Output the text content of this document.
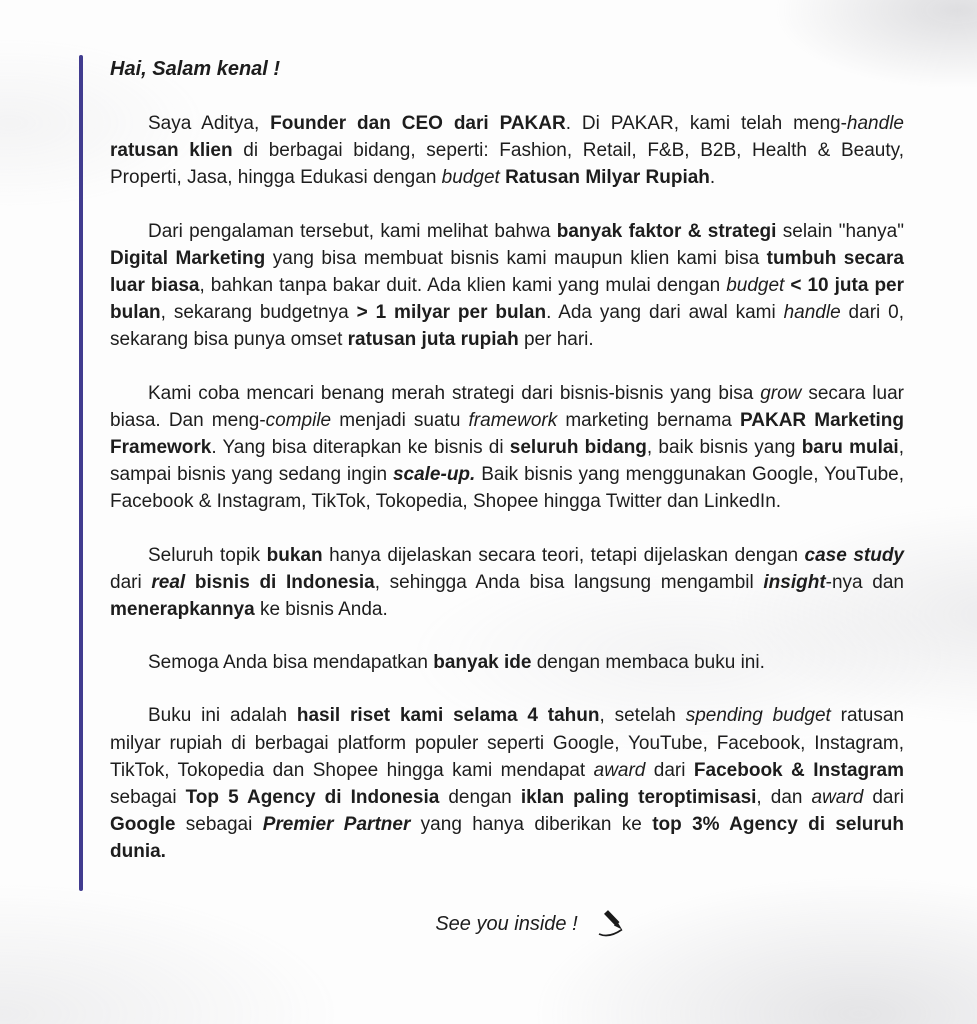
Hai, Salam kenal !

Saya Aditya, Founder dan CEO dari PAKAR. Di PAKAR, kami telah meng-handle ratusan klien di berbagai bidang, seperti: Fashion, Retail, F&B, B2B, Health & Beauty, Properti, Jasa, hingga Edukasi dengan budget Ratusan Milyar Rupiah.

Dari pengalaman tersebut, kami melihat bahwa banyak faktor & strategi selain "hanya" Digital Marketing yang bisa membuat bisnis kami maupun klien kami bisa tumbuh secara luar biasa, bahkan tanpa bakar duit. Ada klien kami yang mulai dengan budget < 10 juta per bulan, sekarang budgetnya > 1 milyar per bulan. Ada yang dari awal kami handle dari 0, sekarang bisa punya omset ratusan juta rupiah per hari.

Kami coba mencari benang merah strategi dari bisnis-bisnis yang bisa grow secara luar biasa. Dan meng-compile menjadi suatu framework marketing bernama PAKAR Marketing Framework. Yang bisa diterapkan ke bisnis di seluruh bidang, baik bisnis yang baru mulai, sampai bisnis yang sedang ingin scale-up. Baik bisnis yang menggunakan Google, YouTube, Facebook & Instagram, TikTok, Tokopedia, Shopee hingga Twitter dan LinkedIn.

Seluruh topik bukan hanya dijelaskan secara teori, tetapi dijelaskan dengan case study dari real bisnis di Indonesia, sehingga Anda bisa langsung mengambil insight-nya dan menerapkannya ke bisnis Anda.

Semoga Anda bisa mendapatkan banyak ide dengan membaca buku ini.

Buku ini adalah hasil riset kami selama 4 tahun, setelah spending budget ratusan milyar rupiah di berbagai platform populer seperti Google, YouTube, Facebook, Instagram, TikTok, Tokopedia dan Shopee hingga kami mendapat award dari Facebook & Instagram sebagai Top 5 Agency di Indonesia dengan iklan paling teroptimisasi, dan award dari Google sebagai Premier Partner yang hanya diberikan ke top 3% Agency di seluruh dunia.

See you inside !
